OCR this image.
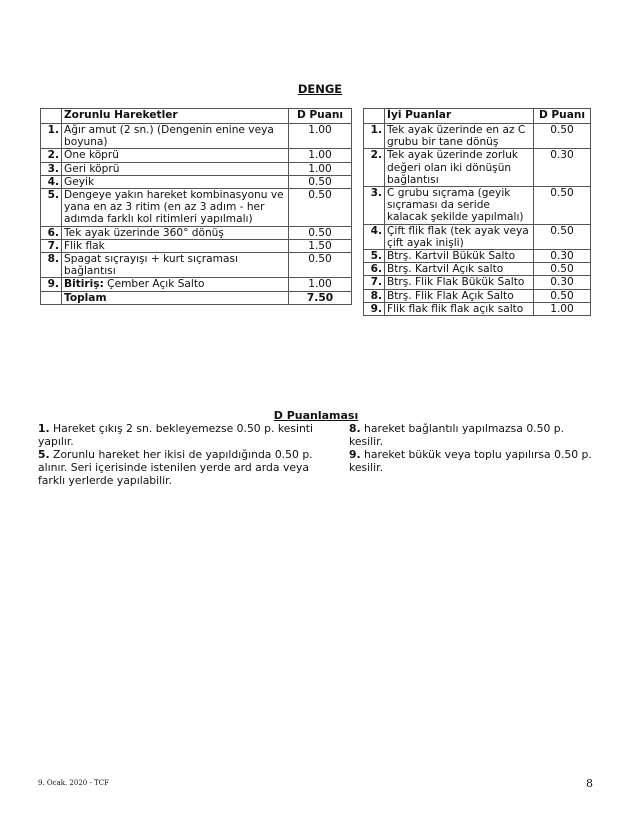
DENGE
	Zorunlu Hareketler	D Puanı
1.	Ağır amut (2 sn.) (Dengenin enine veya boyuna)	1.00
2.	Öne köprü	1.00
3.	Geri köprü	1.00
4.	Geyik	0.50
5.	Dengeye yakın hareket kombinasyonu ve yana en az 3 ritim (en az 3 adım - her adımda farklı kol ritimleri yapılmalı)	0.50
6.	Tek ayak üzerinde 360° dönüş	0.50
7.	Flik flak	1.50
8.	Spagat sıçrayışı + kurt sıçraması bağlantısı	0.50
9.	Bitiriş: Çember Açık Salto	1.00
	Toplam	7.50
	İyi Puanlar	D Puanı
1.	Tek ayak üzerinde en az C grubu bir tane dönüş	0.50
2.	Tek ayak üzerinde zorluk değeri olan iki dönüşün bağlantısı	0.30
3.	C grubu sıçrama (geyik sıçraması da seride kalacak şekilde yapılmalı)	0.50
4.	Çift flik flak (tek ayak veya çift ayak inişli)	0.50
5.	Btrş. Kartvil Bükük Salto	0.30
6.	Btrş. Kartvil Açık salto	0.50
7.	Btrş. Flik Flak Bükük Salto	0.30
8.	Btrş. Flik Flak Açık Salto	0.50
9.	Flik flak flik flak açık salto	1.00
D Puanlaması
1. Hareket çıkış 2 sn. bekleyemezse 0.50 p. kesinti yapılır.
5. Zorunlu hareket her ikisi de yapıldığında 0.50 p. alınır. Seri içerisinde istenilen yerde ard arda veya farklı yerlerde yapılabilir.
8. hareket bağlantılı yapılmazsa 0.50 p. kesilir.
9. hareket bükük veya toplu yapılırsa 0.50 p. kesilir.
9. Ocak. 2020 - TCF	8
